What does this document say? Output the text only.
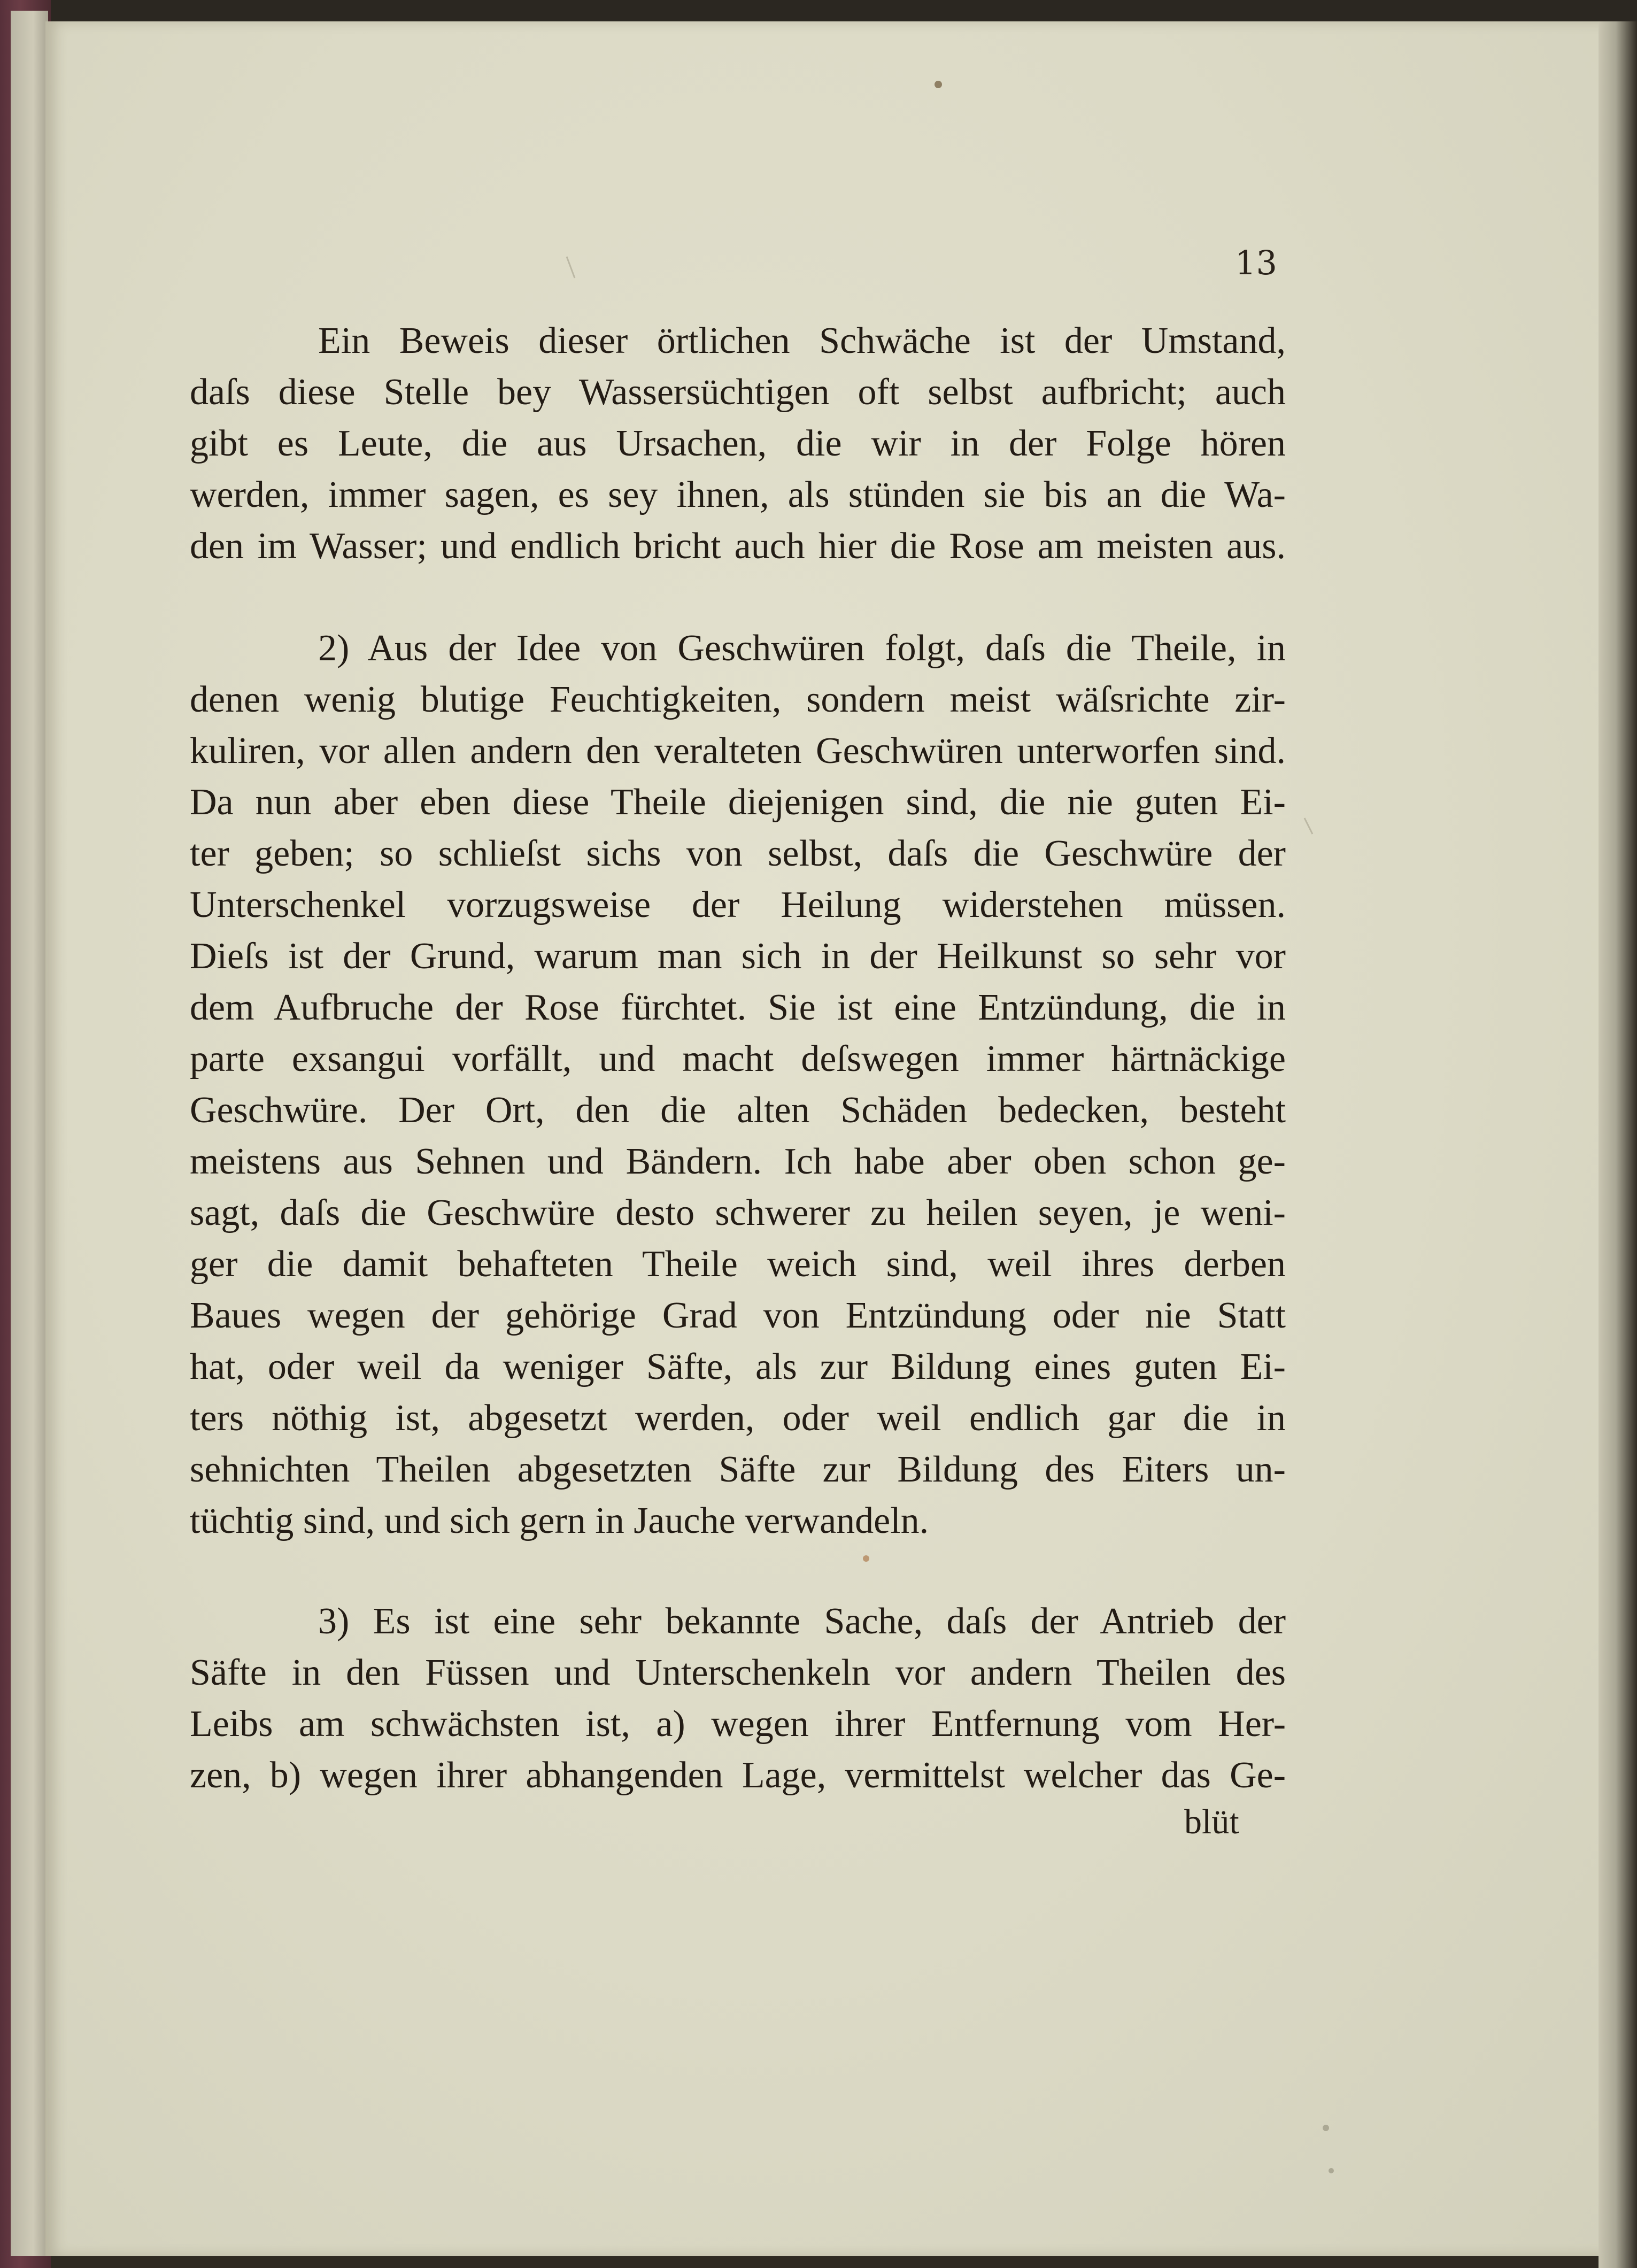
13
Ein Beweis dieser örtlichen Schwäche ist der Umstand,
daſs diese Stelle bey Wassersüchtigen oft selbst aufbricht; auch
gibt es Leute, die aus Ursachen, die wir in der Folge hören
werden, immer sagen, es sey ihnen, als stünden sie bis an die Wa-
den im Wasser; und endlich bricht auch hier die Rose am meisten aus.
2) Aus der Idee von Geschwüren folgt, daſs die Theile, in
denen wenig blutige Feuchtigkeiten, sondern meist wäſsrichte zir-
kuliren, vor allen andern den veralteten Geschwüren unterworfen sind.
Da nun aber eben diese Theile diejenigen sind, die nie guten Ei-
ter geben; so schlieſst sichs von selbst, daſs die Geschwüre der
Unterschenkel vorzugsweise der Heilung widerstehen müssen.
Dieſs ist der Grund, warum man sich in der Heilkunst so sehr vor
dem Aufbruche der Rose fürchtet. Sie ist eine Entzündung, die in
parte exsangui vorfällt, und macht deſswegen immer härtnäckige
Geschwüre. Der Ort, den die alten Schäden bedecken, besteht
meistens aus Sehnen und Bändern. Ich habe aber oben schon ge-
sagt, daſs die Geschwüre desto schwerer zu heilen seyen, je weni-
ger die damit behafteten Theile weich sind, weil ihres derben
Baues wegen der gehörige Grad von Entzündung oder nie Statt
hat, oder weil da weniger Säfte, als zur Bildung eines guten Ei-
ters nöthig ist, abgesetzt werden, oder weil endlich gar die in
sehnichten Theilen abgesetzten Säfte zur Bildung des Eiters un-
tüchtig sind, und sich gern in Jauche verwandeln.
3) Es ist eine sehr bekannte Sache, daſs der Antrieb der
Säfte in den Füssen und Unterschenkeln vor andern Theilen des
Leibs am schwächsten ist, a) wegen ihrer Entfernung vom Her-
zen, b) wegen ihrer abhangenden Lage, vermittelst welcher das Ge-
blüt
